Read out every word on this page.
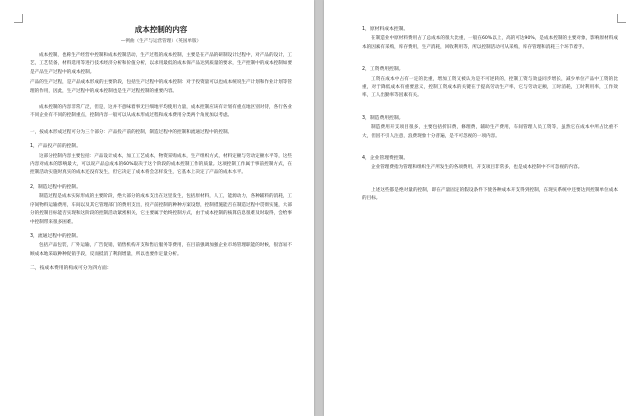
成本控制的内容
—例曲（生产与运营管理）（英国单版）

成本控制，也称生产经营中控制和成本控制活动，生产过程的成本控制，主要是在产品的研制设计过程中，对产品的设计，工艺，工艺装备，材料选用等进行技术经济分析和价值分析，以求用最低的成本保产品达到质量的要求，生产控制中的成本控制如要是产品生产过程中的成本控制。

产品的生产过程，是产品成本形成的主要阶段，包括生产过程中的成本控制：对于投资量可以也成本统说生产计划和作业计划等管理的作用，因此，生产过程中的成本控制也是生产过程控制的重要内容。

成本控制的内容非常广泛，但是，这并不意味着事无巨细地平均使用力量，成本控制应该有计划有重点地区别对待，各行各业不同企业有不同的控制重点，控制内容一般可以从成本形成过程和成本费用分类两个角度加以考虑。

一，按成本形成过程可分为三个部分：产品投产前的控制，制造过程中的控制和流通过程中的控制。

1，产品投产前的控制。

这部分控制内容主要包括：产品设计成本，加工工艺成本，物资采购成本，生产组织方式，材料定额与劳动定额水平等，这些内容对成本的影响最大，可以说产品总成本的60%取决于这个阶段的成本控制工作的质量。这项控制工作属于事前控制方式，在控制活动实施时真实的成本还没有发生，但它决定了成本将会怎样发生，它基本上决定了产品的成本水平。

2，制造过程中的控制。

制造过程是成本实际形成的主要阶段，绝大部分的成本支出在这里发生，包括原材料，人工，能源动力，各种辅料的消耗，工序间物料运输费用，车间以及其它管理部门的费用支出，投产前控制的种种方案设想，控制措施能否在制造过程中贯彻实施，大部分的控制目标能否实现和这阶段的控制活动紧密相关，它主要属于始终控制方式，由于成本控制的核算信息很难及时取得，会给事中控制带来很多困难。

3，流通过程中的控制。

包括产品包装，厂外运输，广告促销，销售机构开支和售后服务等费用，在目前强调加强企业市场管理职能的时候，很容易不顾成本地采取种种促销手段，反而抵消了利润增量，所以也要作定量分析。

二，按成本费用的构成可分为四方面：
1，原材料成本控制。

在制造业中原材料费用占了总成本的很大比重，一般在60%以上，高的可达90%，是成本控制的主要对象，影响原材料成本的因素有采购，库存费用，生产消耗，回收利用等，所以控制活动可从采购，库存管理和消耗三个环节着手。

2，工资费用控制。

工资在成本中占有一定的比重，增加工资又被认为是不可逆转的，控制工资与效益同步增长，减少单位产品中工资的比重，对于降低成本有重要意义，控制工资成本的关键在于提高劳动生产率，它与劳动定额，工时消耗，工时利用率，工作效率，工人出勤率等因素有关。

3，制造费用控制。

制造费用开支项目很多，主要包括折旧费，修理费，辅助生产费用，车间管理人员工资等，虽然它在成本中所占比重不大，但因不引人注意，浪费现象十分普遍，是不可忽视的一项内容。

4，企业管理费控制。

企业管理费指为管理和组织生产所发生的各项费用，开支项目非常多，也是成本控制中不可忽视的内容。

上述这些都是绝对量的控制，即在产量固定的假设条件下使各种成本开支得到控制，在现实系统中还要达到控制单位成本的目标。
